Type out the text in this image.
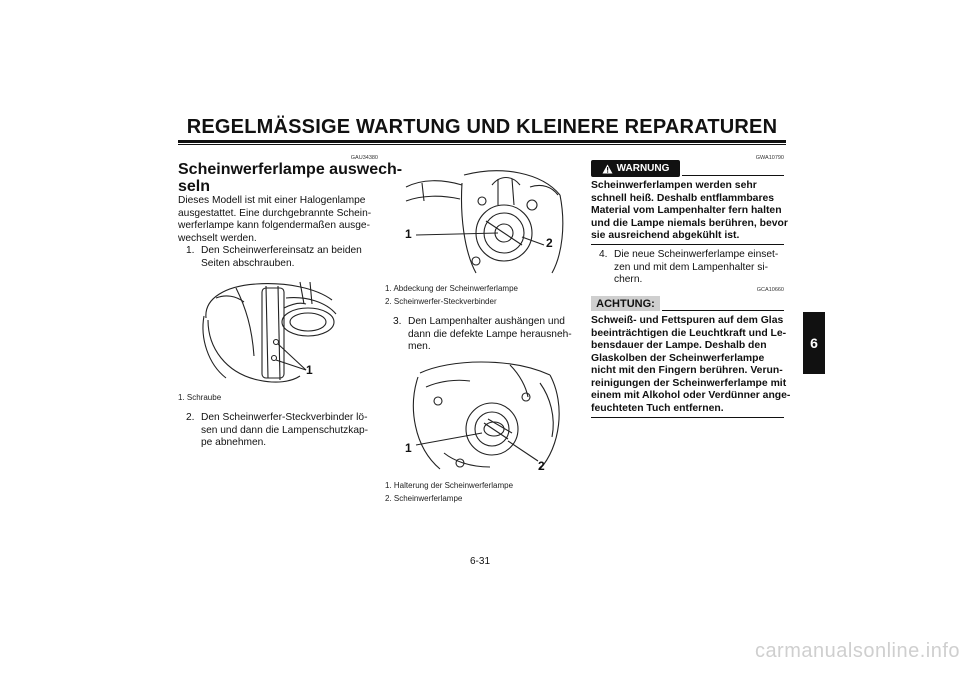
REGELMÄSSIGE WARTUNG UND KLEINERE REPARATUREN
GAU34380
Scheinwerferlampe auswech-
seln
Dieses Modell ist mit einer Halogenlampe
ausgestattet. Eine durchgebrannte Schein-
werferlampe kann folgendermaßen ausge-
wechselt werden.
1. Den Scheinwerfereinsatz an beiden
Seiten abschrauben.
1
1. Schraube
2. Den Scheinwerfer-Steckverbinder lö-
sen und dann die Lampenschutzkap-
pe abnehmen.
1
2
1. Abdeckung der Scheinwerferlampe
2. Scheinwerfer-Steckverbinder
3. Den Lampenhalter aushängen und
dann die defekte Lampe herausneh-
men.
1
2
1. Halterung der Scheinwerferlampe
2. Scheinwerferlampe
GWA10790
WARNUNG
Scheinwerferlampen werden sehr
schnell heiß. Deshalb entflammbares
Material vom Lampenhalter fern halten
und die Lampe niemals berühren, bevor
sie ausreichend abgekühlt ist.
4. Die neue Scheinwerferlampe einset-
zen und mit dem Lampenhalter si-
chern.
GCA10660
ACHTUNG:
Schweiß- und Fettspuren auf dem Glas
beeinträchtigen die Leuchtkraft und Le-
bensdauer der Lampe. Deshalb den
Glaskolben der Scheinwerferlampe
nicht mit den Fingern berühren. Verun-
reinigungen der Scheinwerferlampe mit
einem mit Alkohol oder Verdünner ange-
feuchteten Tuch entfernen.
6
6-31
carmanualsonline.info
